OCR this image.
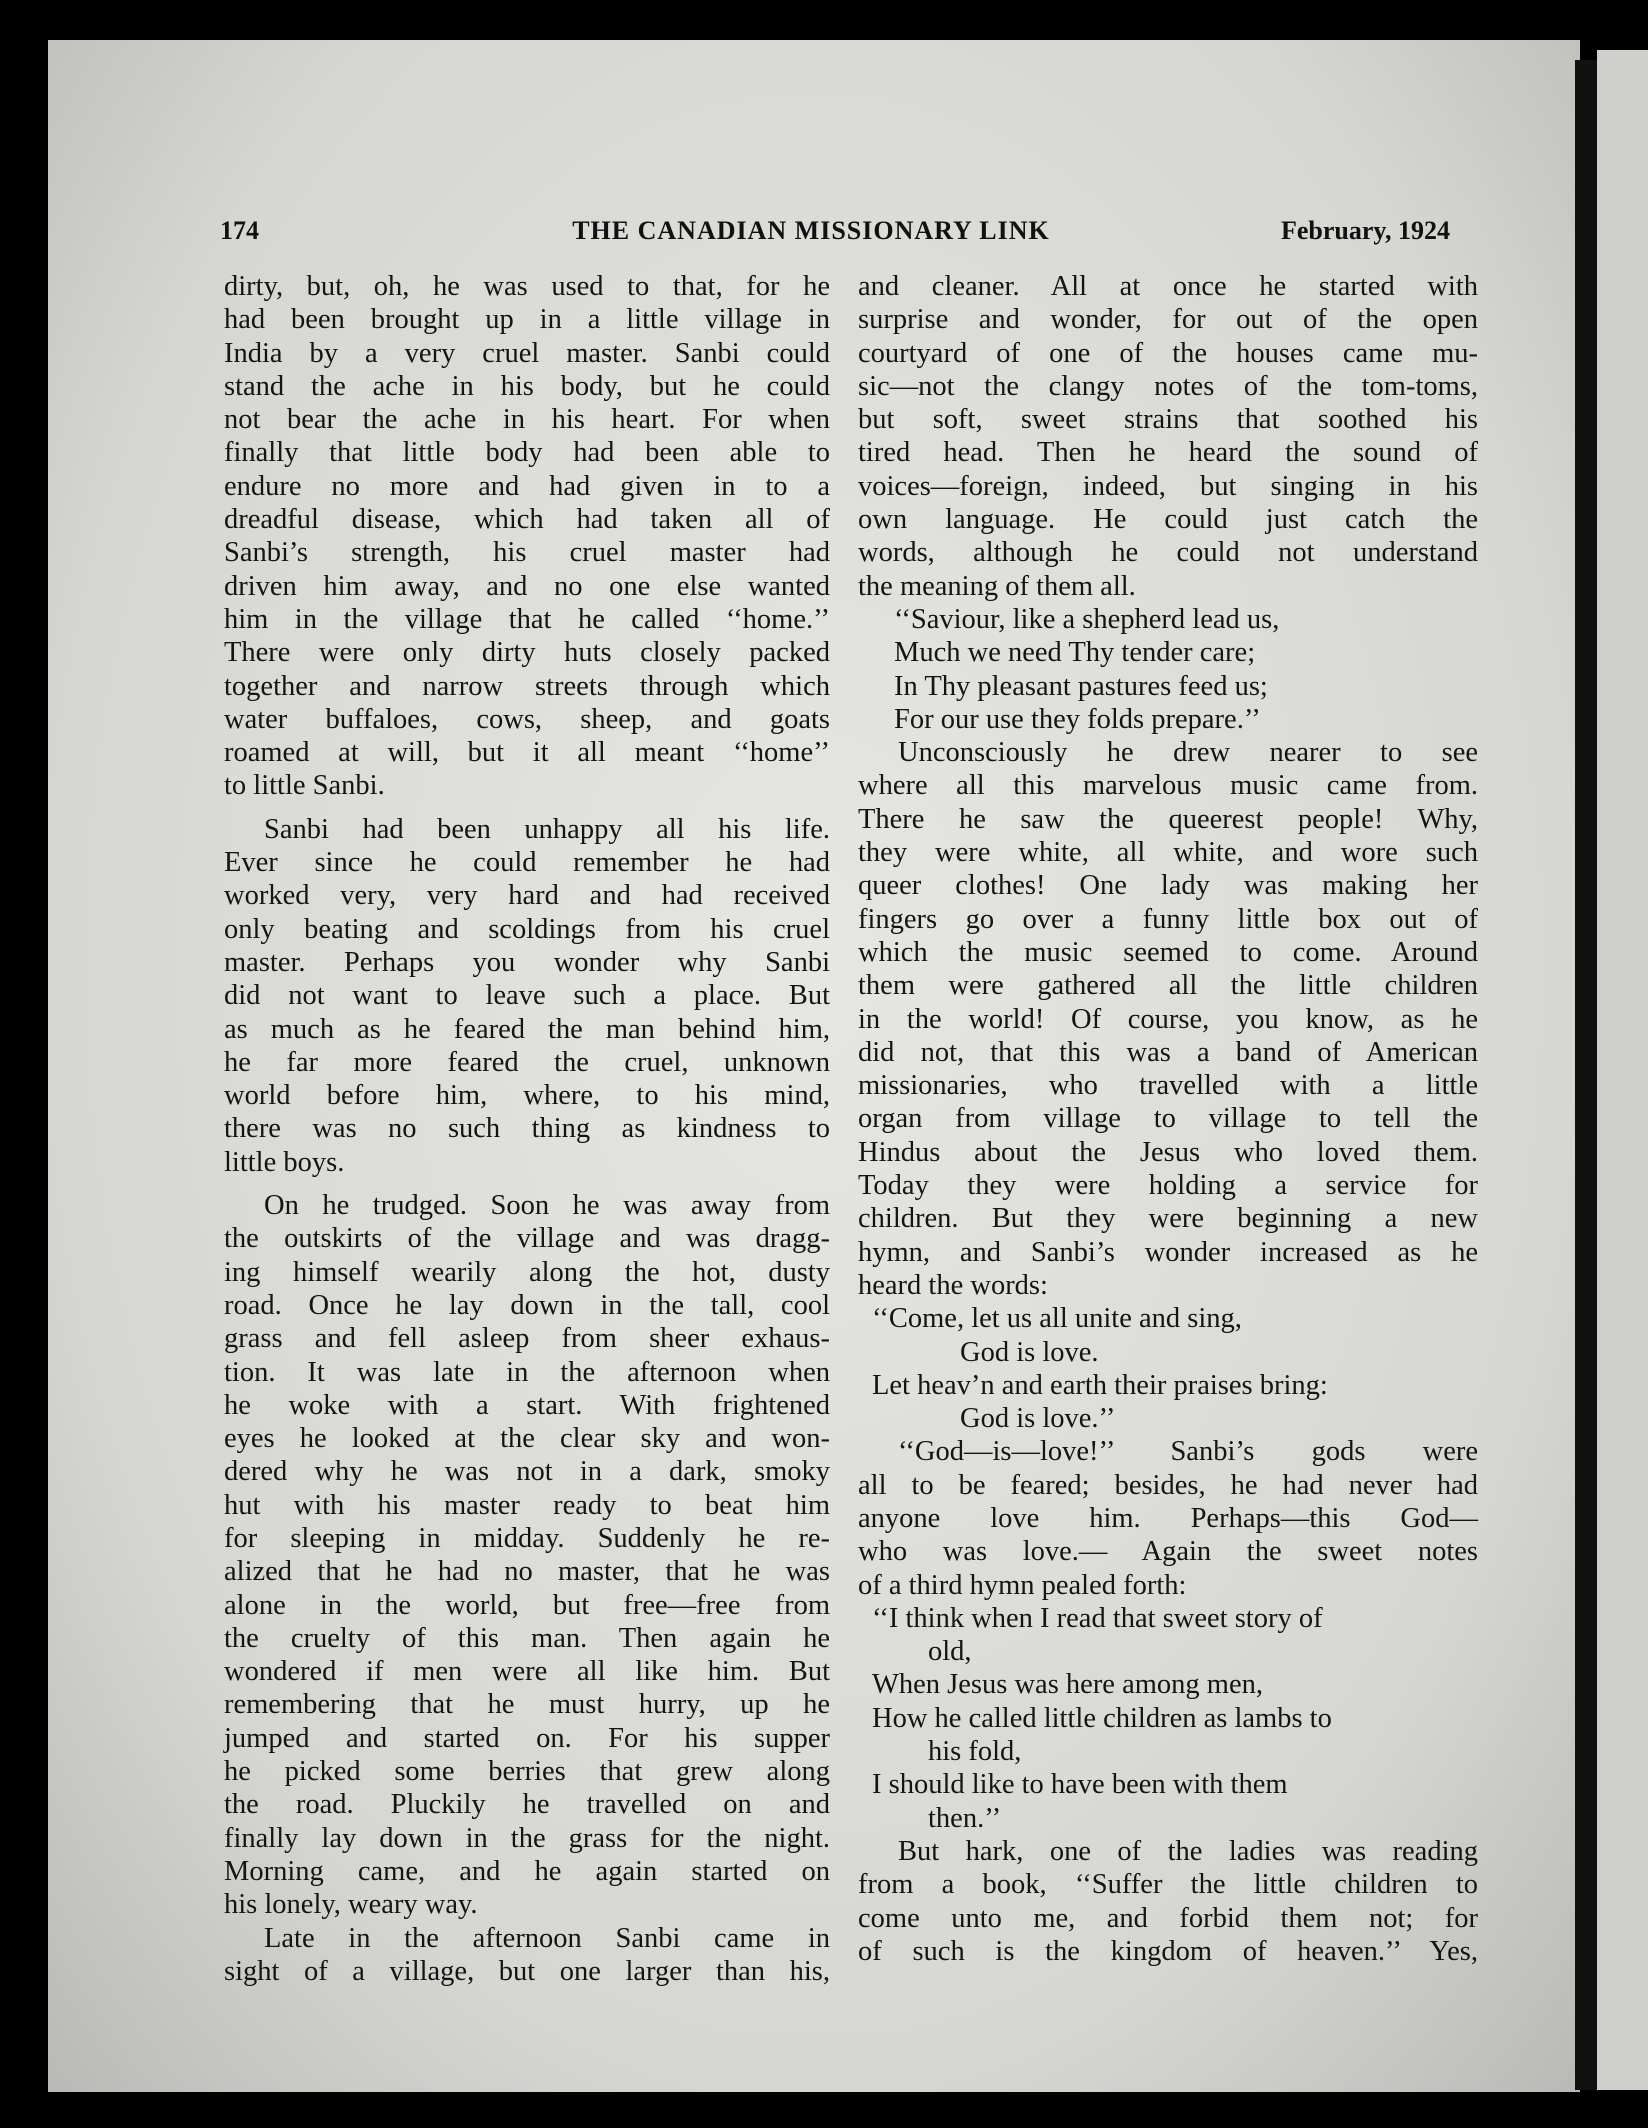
174	THE CANADIAN MISSIONARY LINK	February, 1924

dirty, but, oh, he was used to that, for he

had been brought up in a little village in

India by a very cruel master. Sanbi could

stand the ache in his body, but he could

not bear the ache in his heart. For when

finally that little body had been able to

endure no more and had given in to a

dreadful disease, which had taken all of

Sanbi’s strength, his cruel master had

driven him away, and no one else wanted

him in the village that he called ‘‘home.’’

There were only dirty huts closely packed

together and narrow streets through which

water buffaloes, cows, sheep, and goats

roamed at will, but it all meant ‘‘home’’

to little Sanbi.

Sanbi had been unhappy all his life.

Ever since he could remember he had

worked very, very hard and had received

only beating and scoldings from his cruel

master. Perhaps you wonder why Sanbi

did not want to leave such a place. But

as much as he feared the man behind him,

he far more feared the cruel, unknown

world before him, where, to his mind,

there was no such thing as kindness to

little boys.

On he trudged. Soon he was away from

the outskirts of the village and was dragg-

ing himself wearily along the hot, dusty

road. Once he lay down in the tall, cool

grass and fell asleep from sheer exhaus-

tion. It was late in the afternoon when

he woke with a start. With frightened

eyes he looked at the clear sky and won-

dered why he was not in a dark, smoky

hut with his master ready to beat him

for sleeping in midday. Suddenly he re-

alized that he had no master, that he was

alone in the world, but free—free from

the cruelty of this man. Then again he

wondered if men were all like him. But

remembering that he must hurry, up he

jumped and started on. For his supper

he picked some berries that grew along

the road. Pluckily he travelled on and

finally lay down in the grass for the night.

Morning came, and he again started on

his lonely, weary way.

Late in the afternoon Sanbi came in

sight of a village, but one larger than his,

and cleaner. All at once he started with

surprise and wonder, for out of the open

courtyard of one of the houses came mu-

sic—not the clangy notes of the tom-toms,

but soft, sweet strains that soothed his

tired head. Then he heard the sound of

voices—foreign, indeed, but singing in his

own language. He could just catch the

words, although he could not understand

the meaning of them all.

‘‘Saviour, like a shepherd lead us,
Much we need Thy tender care;
In Thy pleasant pastures feed us;
For our use they folds prepare.’’

Unconsciously he drew nearer to see

where all this marvelous music came from.

There he saw the queerest people! Why,

they were white, all white, and wore such

queer clothes! One lady was making her

fingers go over a funny little box out of

which the music seemed to come. Around

them were gathered all the little children

in the world! Of course, you know, as he

did not, that this was a band of American

missionaries, who travelled with a little

organ from village to village to tell the

Hindus about the Jesus who loved them.

Today they were holding a service for

children. But they were beginning a new

hymn, and Sanbi’s wonder increased as he

heard the words:

‘‘Come, let us all unite and sing,
God is love.
Let heav’n and earth their praises bring:
God is love.’’

‘‘God—is—love!’’ Sanbi’s gods were

all to be feared; besides, he had never had

anyone love him. Perhaps—this God—

who was love.— Again the sweet notes

of a third hymn pealed forth:

‘‘I think when I read that sweet story of
old,
When Jesus was here among men,
How he called little children as lambs to
his fold,
I should like to have been with them
then.’’

But hark, one of the ladies was reading

from a book, ‘‘Suffer the little children to

come unto me, and forbid them not; for

of such is the kingdom of heaven.’’ Yes,
